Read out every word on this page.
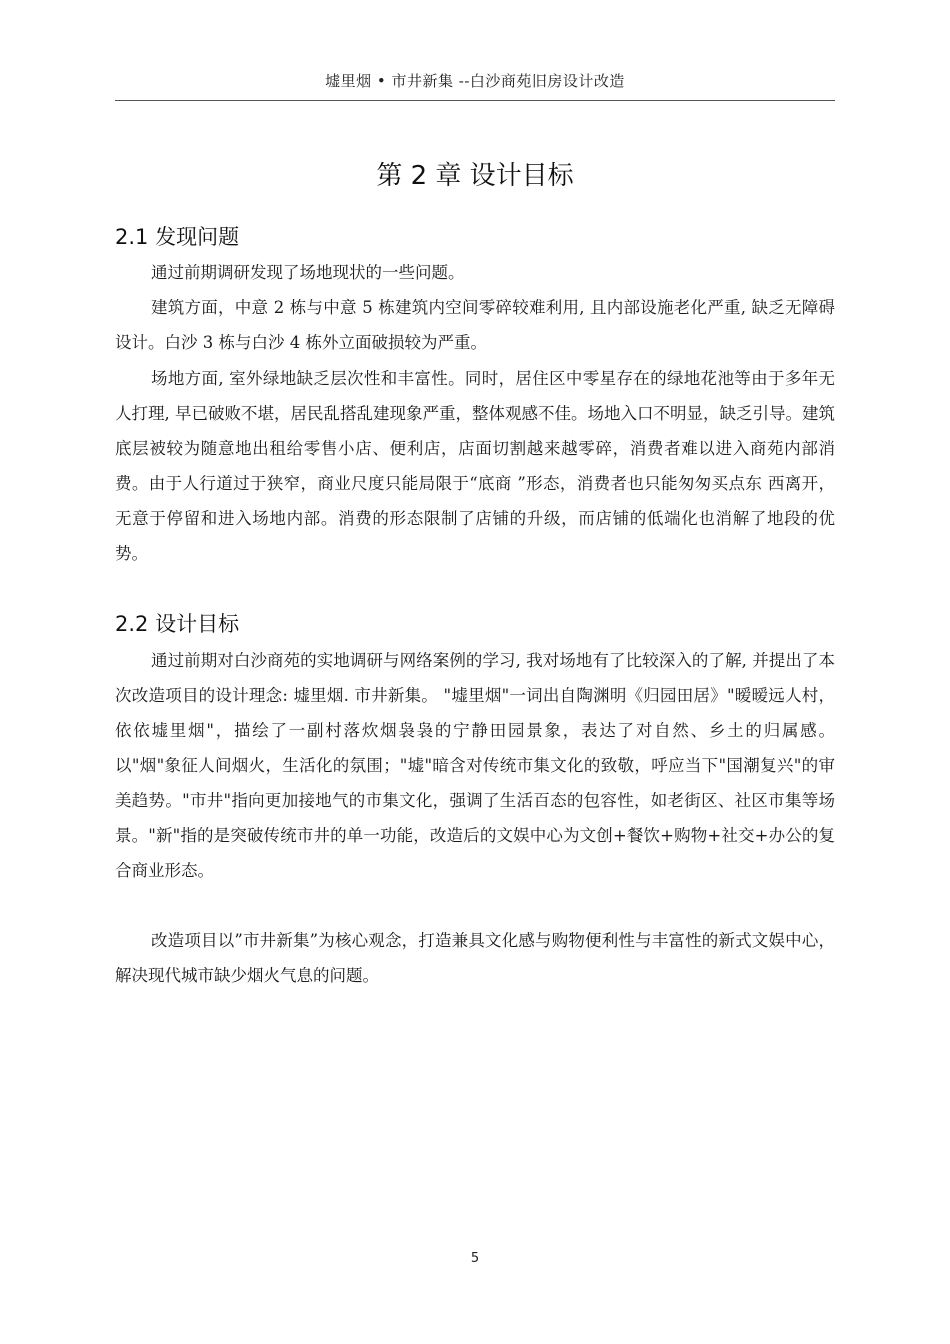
墟里烟 • 市井新集 --白沙商苑旧房设计改造
第 2 章 设计目标
2.1 发现问题

通过前期调研发现了场地现状的一些问题。

建筑方面，中意 2 栋与中意 5 栋建筑内空间零碎较难利用, 且内部设施老化严重, 缺乏无障碍设计。白沙 3 栋与白沙 4 栋外立面破损较为严重。

场地方面, 室外绿地缺乏层次性和丰富性。同时，居住区中零星存在的绿地花池等由于多年无人打理, 早已破败不堪，居民乱搭乱建现象严重，整体观感不佳。场地入口不明显，缺乏引导。建筑底层被较为随意地出租给零售小店、便利店，店面切割越来越零碎，消费者难以进入商苑内部消费。由于人行道过于狭窄，商业尺度只能局限于“底商 ”形态，消费者也只能匆匆买点东 西离开，无意于停留和进入场地内部。消费的形态限制了店铺的升级，而店铺的低端化也消解了地段的优势。

2.2 设计目标

通过前期对白沙商苑的实地调研与网络案例的学习, 我对场地有了比较深入的了解, 并提出了本次改造项目的设计理念: 墟里烟. 市井新集。 "墟里烟"一词出自陶渊明《归园田居》"暧暧远人村，依依墟里烟"，描绘了一副村落炊烟袅袅的宁静田园景象，表达了对自然、乡土的归属感。 以"烟"象征人间烟火，生活化的氛围；"墟"暗含对传统市集文化的致敬，呼应当下"国潮复兴"的审美趋势。"市井"指向更加接地气的市集文化，强调了生活百态的包容性，如老街区、社区市集等场景。"新"指的是突破传统市井的单一功能，改造后的文娱中心为文创+餐饮+购物+社交+办公的复合商业形态。

改造项目以”市井新集”为核心观念，打造兼具文化感与购物便利性与丰富性的新式文娱中心，解决现代城市缺少烟火气息的问题。

5
